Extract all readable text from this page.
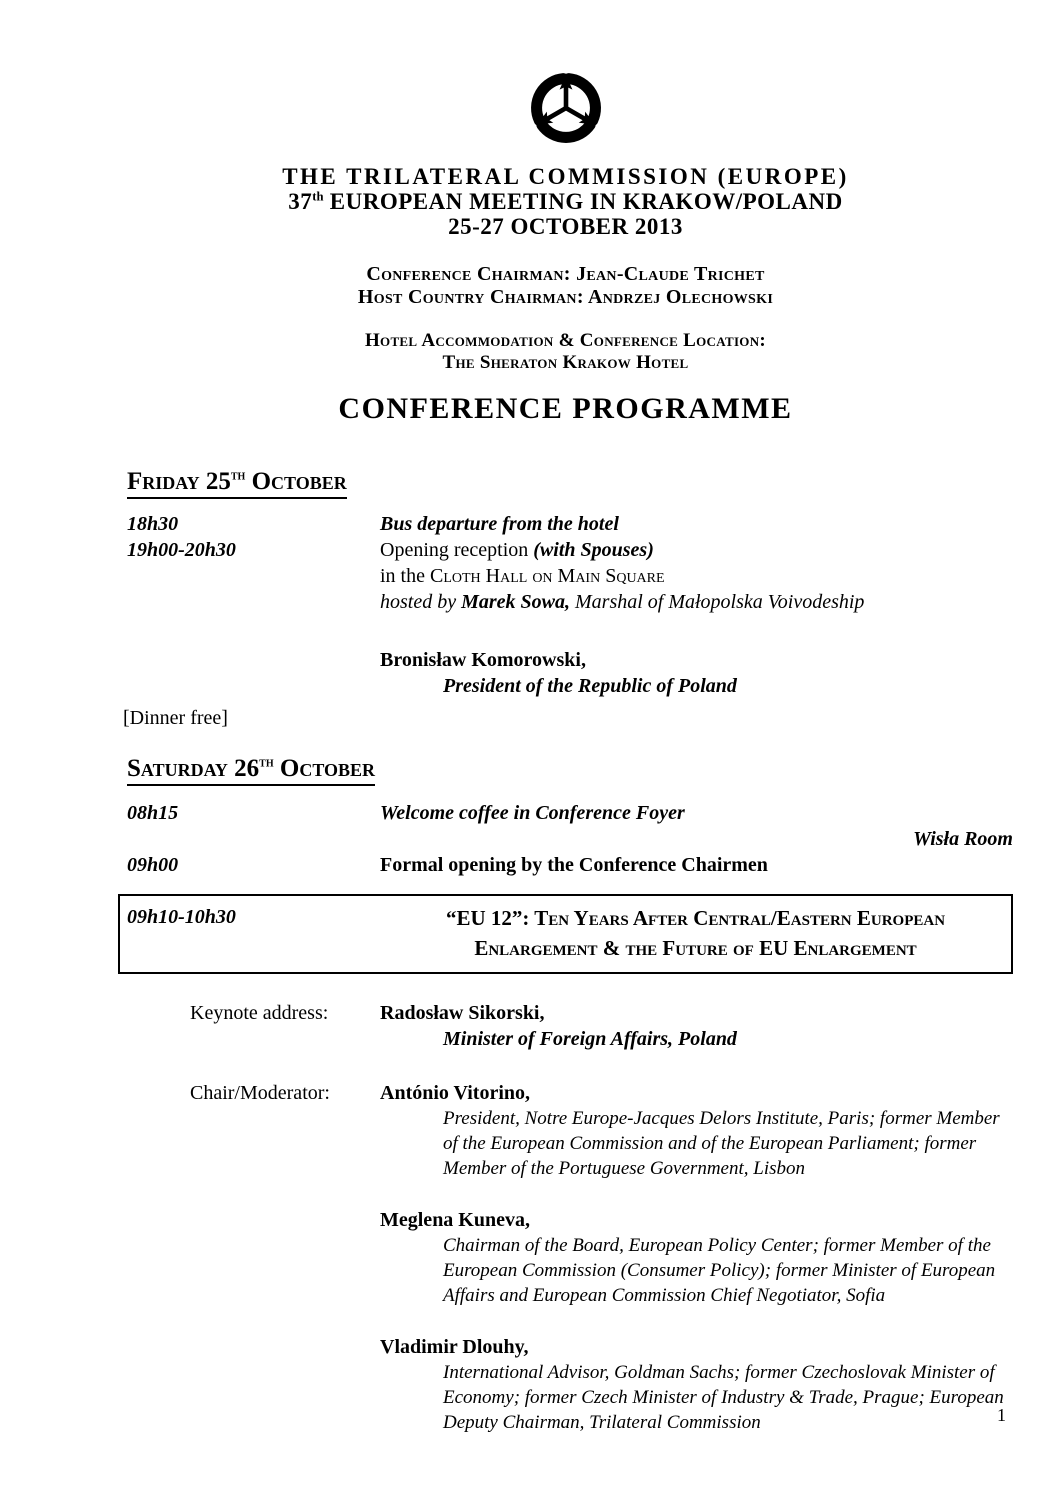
THE TRILATERAL COMMISSION (EUROPE)
37th EUROPEAN MEETING IN KRAKOW/POLAND
25-27 OCTOBER 2013
Conference Chairman: Jean-Claude Trichet
Host Country Chairman: Andrzej Olechowski
Hotel Accommodation & Conference Location:
The Sheraton Krakow Hotel
CONFERENCE PROGRAMME
Friday 25th October
18h30	Bus departure from the hotel
19h00-20h30	Opening reception (with Spouses)
in the Cloth Hall on Main Square
hosted by Marek Sowa, Marshal of Małopolska Voivodeship
Bronisław Komorowski,
President of the Republic of Poland
[Dinner free]
Saturday 26th October
08h15	Welcome coffee in Conference Foyer
Wisła Room
09h00	Formal opening by the Conference Chairmen
09h10-10h30	“EU 12”: Ten Years After Central/Eastern European Enlargement & the Future of EU Enlargement
Keynote address:	Radosław Sikorski,
Minister of Foreign Affairs, Poland
Chair/Moderator:	António Vitorino,
President, Notre Europe-Jacques Delors Institute, Paris; former Member of the European Commission and of the European Parliament; former Member of the Portuguese Government, Lisbon
Meglena Kuneva,
Chairman of the Board, European Policy Center; former Member of the European Commission (Consumer Policy); former Minister of European Affairs and European Commission Chief Negotiator, Sofia
Vladimir Dlouhy,
International Advisor, Goldman Sachs; former Czechoslovak Minister of Economy; former Czech Minister of Industry & Trade, Prague; European Deputy Chairman, Trilateral Commission	1
